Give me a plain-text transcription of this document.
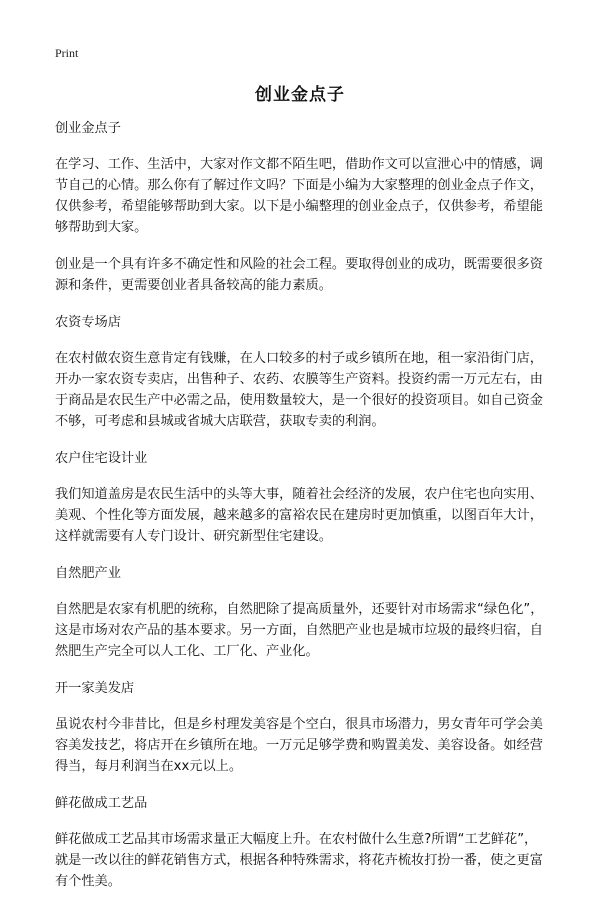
Print
创业金点子

创业金点子

在学习、工作、生活中，大家对作文都不陌生吧，借助作文可以宣泄心中的情感，调节自己的心情。那么你有了解过作文吗？下面是小编为大家整理的创业金点子作文，仅供参考，希望能够帮助到大家。以下是小编整理的创业金点子，仅供参考，希望能够帮助到大家。

创业是一个具有许多不确定性和风险的社会工程。要取得创业的成功，既需要很多资源和条件，更需要创业者具备较高的能力素质。

农资专场店

在农村做农资生意肯定有钱赚，在人口较多的村子或乡镇所在地，租一家沿街门店，开办一家农资专卖店，出售种子、农药、农膜等生产资料。投资约需一万元左右，由于商品是农民生产中必需之品，使用数量较大，是一个很好的投资项目。如自己资金不够，可考虑和县城或省城大店联营，获取专卖的利润。

农户住宅设计业

我们知道盖房是农民生活中的头等大事，随着社会经济的发展，农户住宅也向实用、美观、个性化等方面发展，越来越多的富裕农民在建房时更加慎重，以图百年大计，这样就需要有人专门设计、研究新型住宅建设。

自然肥产业

自然肥是农家有机肥的统称，自然肥除了提高质量外，还要针对市场需求“绿色化”，这是市场对农产品的基本要求。另一方面，自然肥产业也是城市垃圾的最终归宿，自然肥生产完全可以人工化、工厂化、产业化。

开一家美发店

虽说农村今非昔比，但是乡村理发美容是个空白，很具市场潜力，男女青年可学会美容美发技艺，将店开在乡镇所在地。一万元足够学费和购置美发、美容设备。如经营得当，每月利润当在xx元以上。

鲜花做成工艺品

鲜花做成工艺品其市场需求量正大幅度上升。在农村做什么生意?所谓“工艺鲜花”，就是一改以往的鲜花销售方式，根据各种特殊需求，将花卉梳妆打扮一番，使之更富有个性美。
